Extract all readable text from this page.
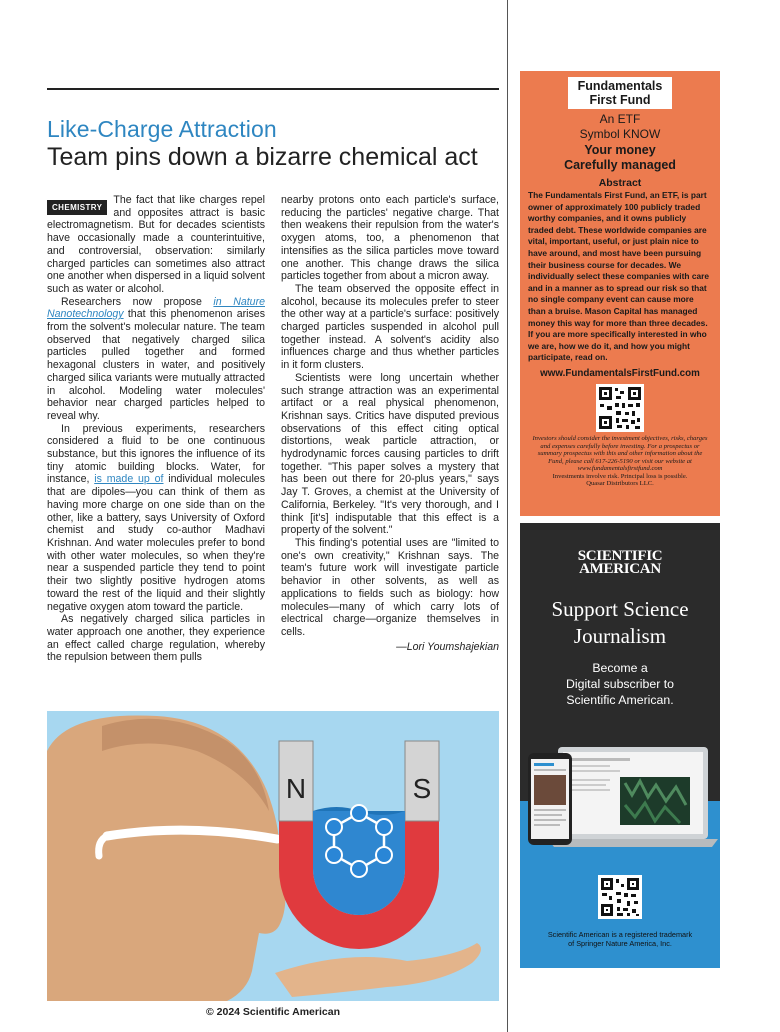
Like-Charge Attraction
Team pins down a bizarre chemical act

CHEMISTRY
The fact that like charges repel and opposites attract is basic electromagnetism. But for decades scientists have occasionally made a counterintuitive, and controversial, observation: similarly charged particles can sometimes also attract one another when dispersed in a liquid solvent such as water or alcohol.

Researchers now propose in Nature Nanotechnology that this phenomenon arises from the solvent's molecular nature. The team observed that negatively charged silica particles pulled together and formed hexagonal clusters in water, and positively charged silica variants were mutually attracted in alcohol. Modeling water molecules' behavior near charged particles helped to reveal why.

In previous experiments, researchers considered a fluid to be one continuous substance, but this ignores the influence of its tiny atomic building blocks. Water, for instance, is made up of individual molecules that are dipoles—you can think of them as having more charge on one side than on the other, like a battery, says University of Oxford chemist and study co-author Madhavi Krishnan. And water molecules prefer to bond with other water molecules, so when they're near a suspended particle they tend to point their two slightly positive hydrogen atoms toward the rest of the liquid and their slightly negative oxygen atom toward the particle.

As negatively charged silica particles in water approach one another, they experience an effect called charge regulation, whereby the repulsion between them pulls

nearby protons onto each particle's surface, reducing the particles' negative charge. That then weakens their repulsion from the water's oxygen atoms, too, a phenomenon that intensifies as the silica particles move toward one another. This change draws the silica particles together from about a micron away.

The team observed the opposite effect in alcohol, because its molecules prefer to steer the other way at a particle's surface: positively charged particles suspended in alcohol pull together instead. A solvent's acidity also influences charge and thus whether particles in it form clusters.

Scientists were long uncertain whether such strange attraction was an experimental artifact or a real physical phenomenon, Krishnan says. Critics have disputed previous observations of this effect citing optical distortions, weak particle attraction, or hydrodynamic forces causing particles to drift together. "This paper solves a mystery that has been out there for 20-plus years," says Jay T. Groves, a chemist at the University of California, Berkeley. "It's very thorough, and I think [it's] indisputable that this effect is a property of the solvent."

This finding's potential uses are "limited to one's own creativity," Krishnan says. The team's future work will investigate particle behavior in other solvents, as well as applications to fields such as biology: how molecules—many of which carry lots of electrical charge—organize themselves in cells.

—Lori Youmshajekian
N	S
© 2024 Scientific American
Fundamentals
First Fund
An ETF
Symbol KNOW
Your money
Carefully managed
Abstract
The Fundamentals First Fund, an ETF, is part owner of approximately 100 publicly traded worthy companies, and it owns publicly traded debt. These worldwide companies are vital, important, useful, or just plain nice to have around, and most have been pursuing their business course for decades. We individually select these companies with care and in a manner as to spread our risk so that no single company event can cause more than a bruise. Mason Capital has managed money this way for more than three decades. If you are more specifically interested in who we are, how we do it, and how you might participate, read on.
www.FundamentalsFirstFund.com
Investors should consider the investment objectives, risks, charges and expenses carefully before investing. For a prospectus or summary prospectus with this and other information about the Fund, please call 617-226-5190 or visit our website at www.fundamentalsfirstfund.com
Investments involve risk. Principal loss is possible.
Quasar Distributors LLC.
SCIENTIFIC
AMERICAN
Support Science
Journalism
Become a
Digital subscriber to
Scientific American.
Scientific American is a registered trademark
of Springer Nature America, Inc.
